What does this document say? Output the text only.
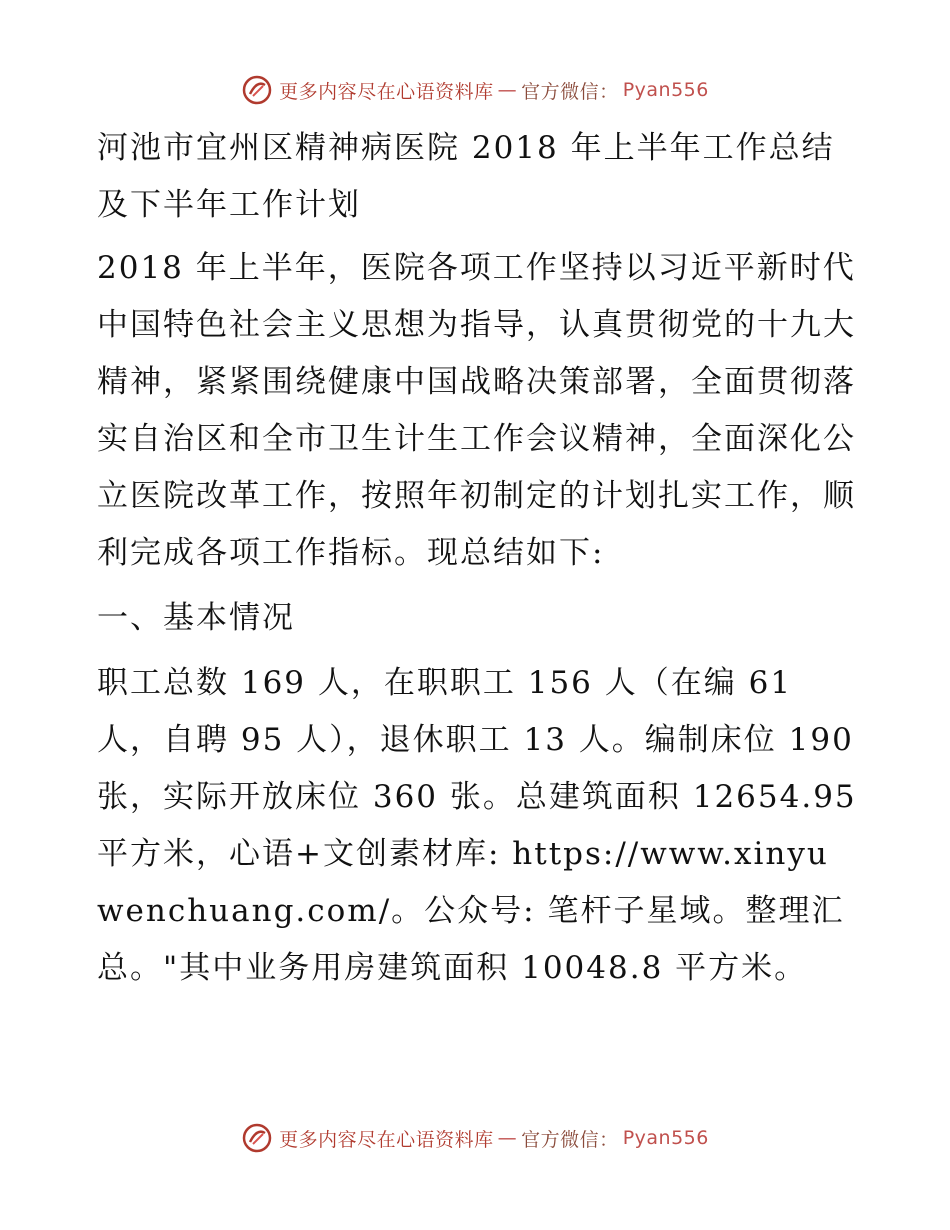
更多内容尽在心语资料库 — 官方微信： Pyan556

河池市宜州区精神病医院 2018 年上半年工作总结及下半年工作计划

2018 年上半年，医院各项工作坚持以习近平新时代中国特色社会主义思想为指导，认真贯彻党的十九大精神，紧紧围绕健康中国战略决策部署，全面贯彻落实自治区和全市卫生计生工作会议精神，全面深化公立医院改革工作，按照年初制定的计划扎实工作，顺利完成各项工作指标。现总结如下:

一、基本情况

职工总数 169 人，在职职工 156 人（在编 61 人，自聘 95 人），退休职工 13 人。编制床位 190 张，实际开放床位 360 张。总建筑面积 12654.95 平方米，心语+文创素材库: https://www.xinyuwenchuang.com/。公众号: 笔杆子星域。整理汇总。"其中业务用房建筑面积 10048.8 平方米。

更多内容尽在心语资料库 — 官方微信： Pyan556
